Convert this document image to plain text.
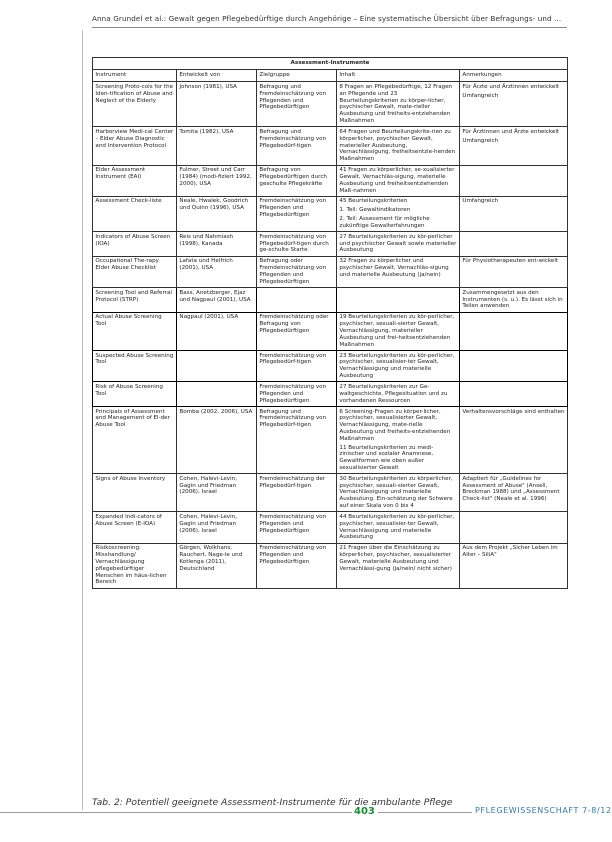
Anna Grundel et al.: Gewalt gegen Pflegebedürftige durch Angehörige – Eine systematische Übersicht über Befragungs- und ...
Assessment-Instrumente				
Instrument	Entwickelt von	Zielgruppe	Inhalt	Anmerkungen
Screening Proto-cols for the Iden-tification of Abuse and Neglect of the Elderly	Johnson (1981), USA	Befragung und Fremdeinschätzung von Pflegenden und Pflegebedürftigen	8 Fragen an Pflegebedürftige, 12 Fragen an Pflegende und 23 Beurteilungskriterien zu körper-licher, psychischer Gewalt, mate-rieller Ausbeutung und freiheits-entziehenden Maßnahmen	Für Ärzte und Ärztinnen entwickelt
Umfangreich

Harborview Medi-cal Center – Elder Abuse Diagnostic and Intervention Protocol	Tomita (1982), USA	Befragung und Fremdeinschätzung von Pflegebedürf-tigen	64 Fragen und Beurteilungskrite-rien zu körperlicher, psychischer Gewalt, materieller Ausbeutung, Vernachlässigung, freiheitsentzie-henden Maßnahmen	Für Ärztinnen und Ärzte entwickelt
Umfangreich

Elder Assessment Instrument (EAI)	Fulmer, Street und Carr (1984) (modi-fiziert 1992, 2000), USA	Befragung von Pflegebedürftigen durch geschulte Pflegekräfte	41 Fragen zu körperlicher, se-xualisierter Gewalt, Vernachläs-sigung, materielle Ausbeutung und freiheitsentziehenden Maß-nahmen	

Assessment Check-liste	Neale, Hwalek, Goodrich und Quinn (1996), USA	Fremdeinschätzung von Pflegenden und Pflegebedürftigen	45 Beurteilungskriterien
1. Teil: Gewaltindikatoren
2. Teil: Assessment für mögliche zukünftige Gewalterfahrungen	Umfangreich

Indicators of Abuse Screen (IOA)	Reis und Nahmiash (1998), Kanada	Fremdeinschätzung von Pflegebedürf-tigen durch ge-schulte Starte	27 Beurteilungskriterien zu kör-perlicher und psychischer Gewalt sowie materieller Ausbeutung	

Occupational The-rapy Elder Abuse Checklist	Lafata und Helfrich (2001), USA	Befragung oder Fremdeinschätzung von Pflegenden und Pflegebedürftigen	32 Fragen zu körperlicher und psychischer Gewalt, Vernachläs-sigung und materielle Ausbeutung (ja/nein)	Für Physiotherapeuten ent-wickelt

Screening Tool and Referral Protocol (STRP)	Bass, Anetzberger, Ejaz und Nagpaul (2001), USA			Zusammengesetzt aus den Instrumenten (s. u.). Es lässt sich in Teilen anwenden

Actual Abuse Screening Tool	Nagpaul (2001), USA	Fremdeinschätzung oder Befragung von Pflegebedürftigen	19 Beurteilungskriterien zu kör-perlicher, psychischer, sexuali-sierter Gewalt, Vernachlässigung, materieller Ausbeutung und frei-heitsentziehenden Maßnahmen	

Suspected Abuse Screening Tool		Fremdeinschätzung von Pflegebedürf-tigen	23 Beurteilungskriterien zu kör-perlicher, psychischer, sexualisier-ter Gewalt, Vernachlässigung und materielle Ausbeutung	

Risk of Abuse Screening Tool		Fremdeinschätzung von Pflegenden und Pflegebedürftigen	27 Beurteilungskriterien zur Ge-waltgeschichte, Pflegesituation und zu vorhandenen Ressourcen	

Principals of Assessment and Management of El-der Abuse Tool	Bomba (2002, 2006), USA	Befragung und Fremdeinschätzung von Pflegebedürf-tigen	6 Screening-Fragen zu körper-licher, psychischer, sexualisierter Gewalt, Vernachlässigung, mate-rielle Ausbeutung und freiheits-entziehenden Maßnahmen
11 Beurteilungskriterien zu medi-zinischer und sozialer Anamnese, Gewaltformen wie oben außer sexualisierter Gewalt	Verhaltensvorschläge sind enthalten

Signs of Abuse Inventory	Cohen, Halevi-Levin, Gagin und Friedman (2006), Israel	Fremdeinschätzung der Pflegebedürf-tigen	30 Beurteilungskriterien zu körperlicher, psychischer, sexuali-sierter Gewalt, Vernachlässigung und materielle Ausbeutung. Ein-schätzung der Schwere auf einer Skala von 0 bis 4	Adaptiert für „Guidelines for Assessment of Abuse" (Ansell, Breckman 1988) und „Assessment Check-list" (Neale et al. 1996)

Expanded Indi-cators of Abuse Screen (E-IOA)	Cohen, Halevi-Levin, Gagin und Friedman (2006), Israel	Fremdeinschätzung von Pflegenden und Pflegebedürftigen	44 Beurteilungskriterien zu kör-perlicher, psychischer, sexualisier-ter Gewalt, Vernachlässigung und materielle Ausbeutung	

Risikoscreening: Misshandlung/ Vernachlässigung pflegebedürftiger Menschen im häus-lichen Bereich	Görgen, Wolkhans, Rauchert, Nage-le und Kotlenga (2011), Deutschland	Fremdeinschätzung von Pflegenden und Pflegebedürftigen	21 Fragen über die Einschätzung zu körperlicher, psychischer, sexualisierter Gewalt, materielle Ausbeutung und Vernachlässi-gung (ja/nein/ nicht sicher)	Aus dem Projekt „Sicher Leben im Alter – SiliA"
Tab. 2: Potentiell geeignete Assessment-Instrumente für die ambulante Pflege
403	PFLEGEWISSENSCHAFT 7-8/12
